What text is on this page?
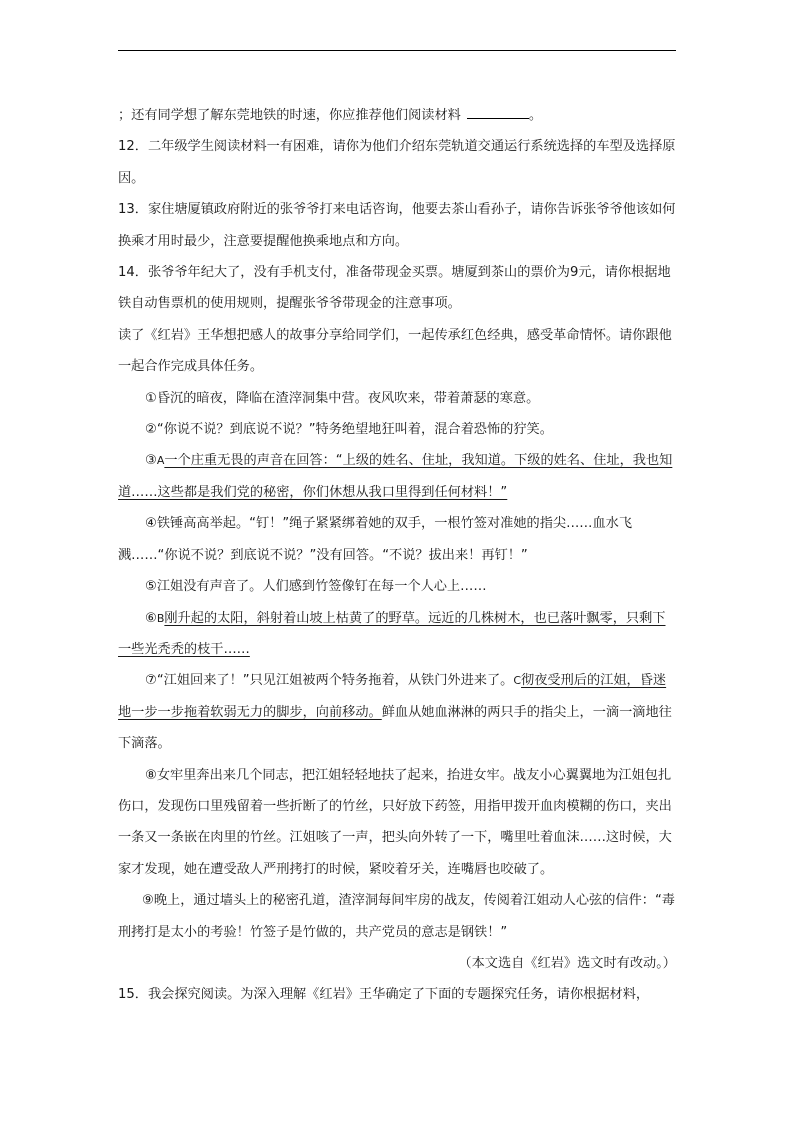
；还有同学想了解东莞地铁的时速，你应推荐他们阅读材料	。

12．二年级学生阅读材料一有困难，请你为他们介绍东莞轨道交通运行系统选择的车型及选择原因。

13．家住塘厦镇政府附近的张爷爷打来电话咨询，他要去茶山看孙子，请你告诉张爷爷他该如何换乘才用时最少，注意要提醒他换乘地点和方向。

14．张爷爷年纪大了，没有手机支付，准备带现金买票。塘厦到茶山的票价为9元，请你根据地铁自动售票机的使用规则，提醒张爷爷带现金的注意事项。

读了《红岩》王华想把感人的故事分享给同学们，一起传承红色经典，感受革命情怀。请你跟他一起合作完成具体任务。

①昏沉的暗夜，降临在渣滓洞集中营。夜风吹来，带着萧瑟的寒意。

②“你说不说？到底说不说？”特务绝望地狂叫着，混合着恐怖的狞笑。

③A一个庄重无畏的声音在回答：“上级的姓名、住址，我知道。下级的姓名、住址，我也知道……这些都是我们党的秘密，你们休想从我口里得到任何材料！”

④铁锤高高举起。“钉！”绳子紧紧绑着她的双手，一根竹签对准她的指尖……血水飞溅……“你说不说？到底说不说？”没有回答。“不说？拔出来！再钉！”

⑤江姐没有声音了。人们感到竹签像钉在每一个人心上……

⑥B刚升起的太阳，斜射着山坡上枯黄了的野草。远近的几株树木，也已落叶飘零，只剩下一些光秃秃的枝干……

⑦“江姐回来了！”只见江姐被两个特务拖着，从铁门外进来了。C彻夜受刑后的江姐，昏迷地一步一步拖着软弱无力的脚步，向前移动。鲜血从她血淋淋的两只手的指尖上，一滴一滴地往下滴落。

⑧女牢里奔出来几个同志，把江姐轻轻地扶了起来，抬进女牢。战友小心翼翼地为江姐包扎伤口，发现伤口里残留着一些折断了的竹丝，只好放下药签，用指甲拨开血肉模糊的伤口，夹出一条又一条嵌在肉里的竹丝。江姐咳了一声，把头向外转了一下，嘴里吐着血沫……这时候，大家才发现，她在遭受敌人严刑拷打的时候，紧咬着牙关，连嘴唇也咬破了。

⑨晚上，通过墙头上的秘密孔道，渣滓洞每间牢房的战友，传阅着江姐动人心弦的信件：“毒刑拷打是太小的考验！竹签子是竹做的，共产党员的意志是钢铁！”

（本文选自《红岩》选文时有改动。）

15．我会探究阅读。为深入理解《红岩》王华确定了下面的专题探究任务，请你根据材料，
